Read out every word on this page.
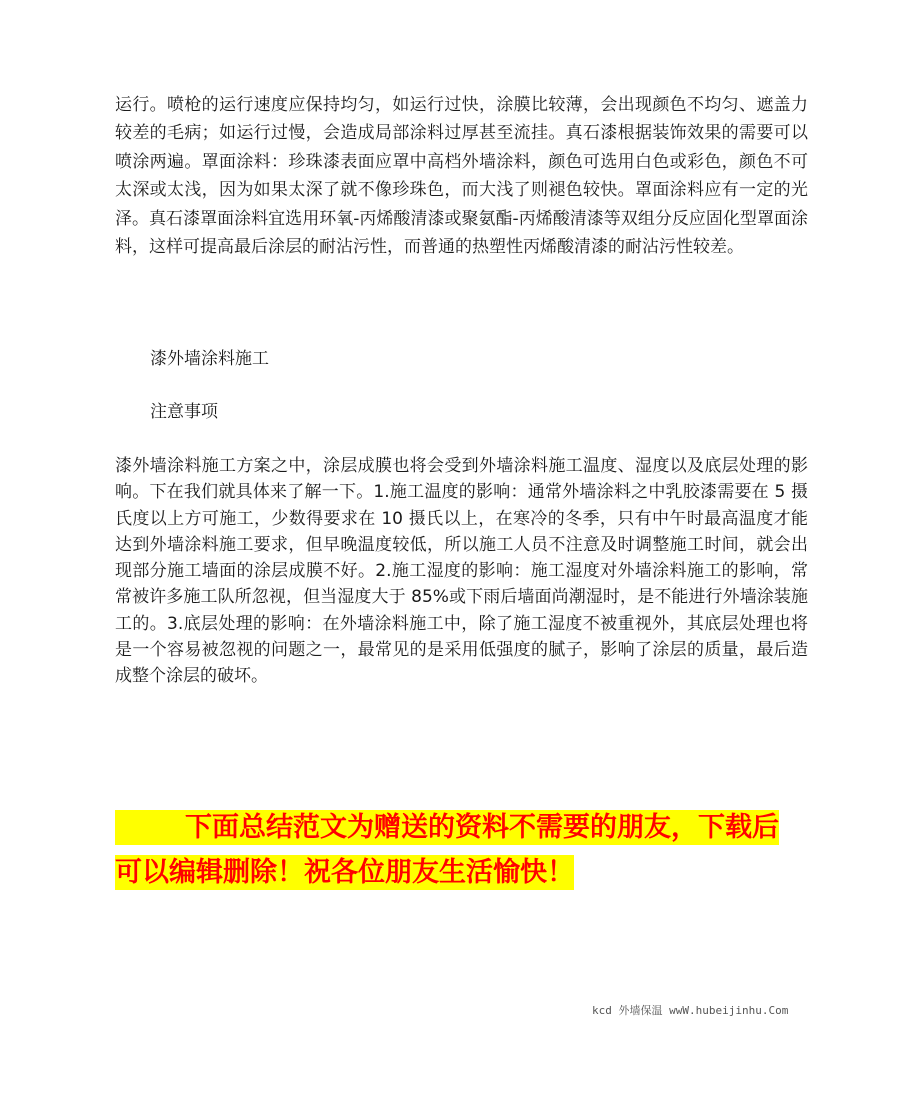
运行。喷枪的运行速度应保持均匀，如运行过快，涂膜比较薄，会出现颜色不均匀、遮盖力较差的毛病；如运行过慢，会造成局部涂料过厚甚至流挂。真石漆根据装饰效果的需要可以喷涂两遍。罩面涂料：珍珠漆表面应罩中高档外墙涂料，颜色可选用白色或彩色，颜色不可太深或太浅，因为如果太深了就不像珍珠色，而大浅了则褪色较快。罩面涂料应有一定的光泽。真石漆罩面涂料宜选用环氧-丙烯酸清漆或聚氨酯-丙烯酸清漆等双组分反应固化型罩面涂料，这样可提高最后涂层的耐沾污性，而普通的热塑性丙烯酸清漆的耐沾污性较差。

漆外墙涂料施工

注意事项

漆外墙涂料施工方案之中，涂层成膜也将会受到外墙涂料施工温度、湿度以及底层处理的影响。下在我们就具体来了解一下。1.施工温度的影响：通常外墙涂料之中乳胶漆需要在 5 摄氏度以上方可施工，少数得要求在 10 摄氏以上，在寒冷的冬季，只有中午时最高温度才能达到外墙涂料施工要求，但早晚温度较低，所以施工人员不注意及时调整施工时间，就会出现部分施工墙面的涂层成膜不好。2.施工湿度的影响：施工湿度对外墙涂料施工的影响，常常被许多施工队所忽视，但当湿度大于 85%或下雨后墙面尚潮湿时，是不能进行外墙涂装施工的。3.底层处理的影响：在外墙涂料施工中，除了施工湿度不被重视外，其底层处理也将是一个容易被忽视的问题之一，最常见的是采用低强度的腻子，影响了涂层的质量，最后造成整个涂层的破坏。

下面总结范文为赠送的资料不需要的朋友，下载后可以编辑删除！祝各位朋友生活愉快！

kcd 外墙保温 wwW.hubeijinhu.Com
